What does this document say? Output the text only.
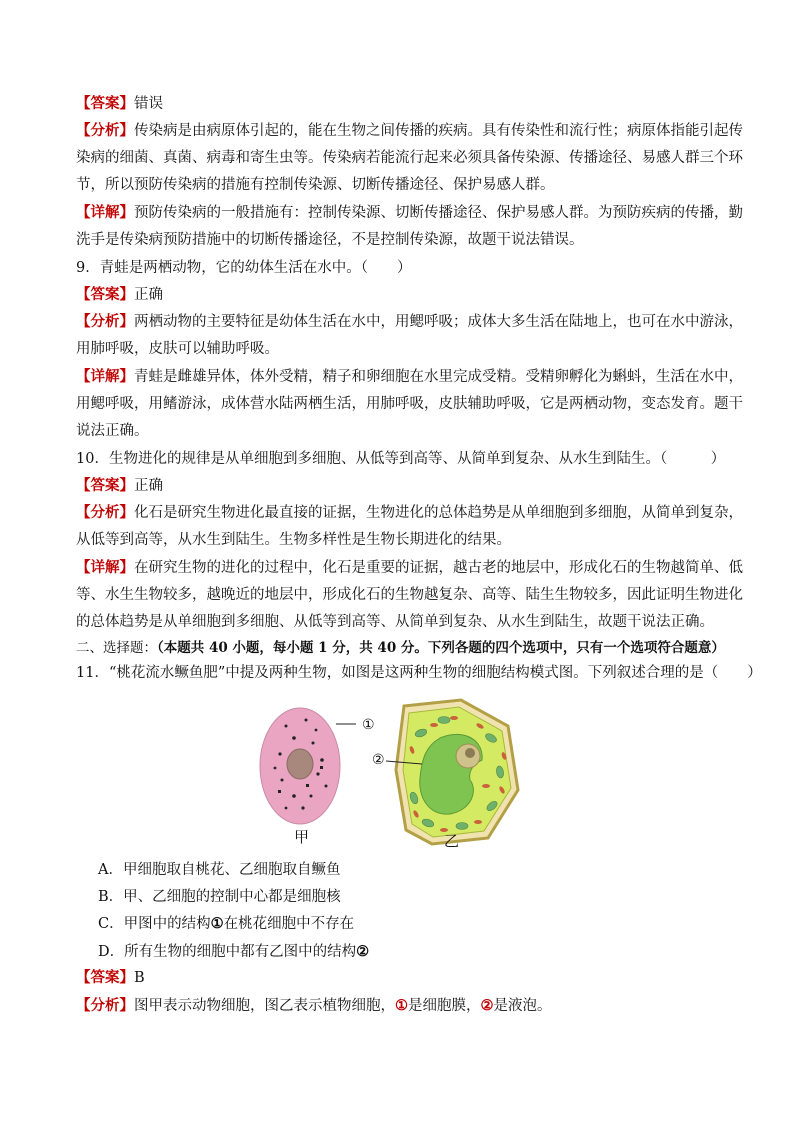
【答案】错误
【分析】传染病是由病原体引起的，能在生物之间传播的疾病。具有传染性和流行性；病原体指能引起传
染病的细菌、真菌、病毒和寄生虫等。传染病若能流行起来必须具备传染源、传播途径、易感人群三个环
节，所以预防传染病的措施有控制传染源、切断传播途径、保护易感人群。
【详解】预防传染病的一般措施有：控制传染源、切断传播途径、保护易感人群。为预防疾病的传播，勤
洗手是传染病预防措施中的切断传播途径，不是控制传染源，故题干说法错误。
9．青蛙是两栖动物，它的幼体生活在水中。（　　）
【答案】正确
【分析】两栖动物的主要特征是幼体生活在水中，用鳃呼吸；成体大多生活在陆地上，也可在水中游泳，
用肺呼吸，皮肤可以辅助呼吸。
【详解】青蛙是雌雄异体，体外受精，精子和卵细胞在水里完成受精。受精卵孵化为蝌蚪，生活在水中，
用鳃呼吸，用鳍游泳，成体营水陆两栖生活，用肺呼吸，皮肤辅助呼吸，它是两栖动物，变态发育。题干
说法正确。
10．生物进化的规律是从单细胞到多细胞、从低等到高等、从简单到复杂、从水生到陆生。（　　　）
【答案】正确
【分析】化石是研究生物进化最直接的证据，生物进化的总体趋势是从单细胞到多细胞，从简单到复杂，
从低等到高等，从水生到陆生。生物多样性是生物长期进化的结果。
【详解】在研究生物的进化的过程中，化石是重要的证据，越古老的地层中，形成化石的生物越简单、低
等、水生生物较多，越晚近的地层中，形成化石的生物越复杂、高等、陆生生物较多，因此证明生物进化
的总体趋势是从单细胞到多细胞、从低等到高等、从简单到复杂、从水生到陆生，故题干说法正确。
二、选择题：（本题共 40 小题，每小题 1 分，共 40 分。下列各题的四个选项中，只有一个选项符合题意）
11．“桃花流水鳜鱼肥”中提及两种生物，如图是这两种生物的细胞结构模式图。下列叙述合理的是（　　）
①
②
甲	乙
A．甲细胞取自桃花、乙细胞取自鳜鱼
B．甲、乙细胞的控制中心都是细胞核
C．甲图中的结构①在桃花细胞中不存在
D．所有生物的细胞中都有乙图中的结构②
【答案】B
【分析】图甲表示动物细胞，图乙表示植物细胞，①是细胞膜，②是液泡。
